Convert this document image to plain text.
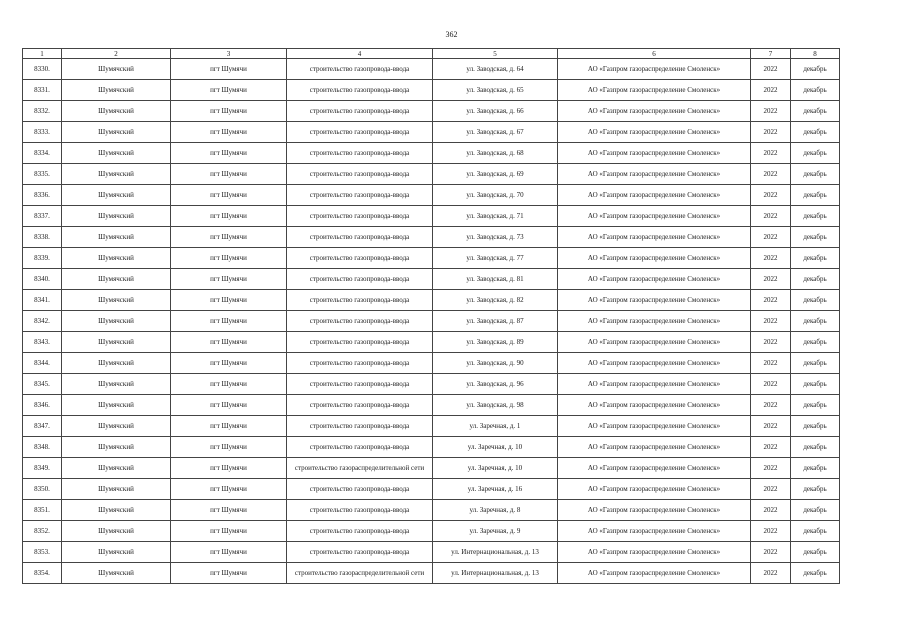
362
1	2	3	4	5	6	7	8
8330.	Шумячский	пгт Шумячи	строительство газопровода-ввода	ул. Заводская, д. 64	АО «Газпром газораспределение Смоленск»	2022	декабрь
8331.	Шумячский	пгт Шумячи	строительство газопровода-ввода	ул. Заводская, д. 65	АО «Газпром газораспределение Смоленск»	2022	декабрь
8332.	Шумячский	пгт Шумячи	строительство газопровода-ввода	ул. Заводская, д. 66	АО «Газпром газораспределение Смоленск»	2022	декабрь
8333.	Шумячский	пгт Шумячи	строительство газопровода-ввода	ул. Заводская, д. 67	АО «Газпром газораспределение Смоленск»	2022	декабрь
8334.	Шумячский	пгт Шумячи	строительство газопровода-ввода	ул. Заводская, д. 68	АО «Газпром газораспределение Смоленск»	2022	декабрь
8335.	Шумячский	пгт Шумячи	строительство газопровода-ввода	ул. Заводская, д. 69	АО «Газпром газораспределение Смоленск»	2022	декабрь
8336.	Шумячский	пгт Шумячи	строительство газопровода-ввода	ул. Заводская, д. 70	АО «Газпром газораспределение Смоленск»	2022	декабрь
8337.	Шумячский	пгт Шумячи	строительство газопровода-ввода	ул. Заводская, д. 71	АО «Газпром газораспределение Смоленск»	2022	декабрь
8338.	Шумячский	пгт Шумячи	строительство газопровода-ввода	ул. Заводская, д. 73	АО «Газпром газораспределение Смоленск»	2022	декабрь
8339.	Шумячский	пгт Шумячи	строительство газопровода-ввода	ул. Заводская, д. 77	АО «Газпром газораспределение Смоленск»	2022	декабрь
8340.	Шумячский	пгт Шумячи	строительство газопровода-ввода	ул. Заводская, д. 81	АО «Газпром газораспределение Смоленск»	2022	декабрь
8341.	Шумячский	пгт Шумячи	строительство газопровода-ввода	ул. Заводская, д. 82	АО «Газпром газораспределение Смоленск»	2022	декабрь
8342.	Шумячский	пгт Шумячи	строительство газопровода-ввода	ул. Заводская, д. 87	АО «Газпром газораспределение Смоленск»	2022	декабрь
8343.	Шумячский	пгт Шумячи	строительство газопровода-ввода	ул. Заводская, д. 89	АО «Газпром газораспределение Смоленск»	2022	декабрь
8344.	Шумячский	пгт Шумячи	строительство газопровода-ввода	ул. Заводская, д. 90	АО «Газпром газораспределение Смоленск»	2022	декабрь
8345.	Шумячский	пгт Шумячи	строительство газопровода-ввода	ул. Заводская, д. 96	АО «Газпром газораспределение Смоленск»	2022	декабрь
8346.	Шумячский	пгт Шумячи	строительство газопровода-ввода	ул. Заводская, д. 98	АО «Газпром газораспределение Смоленск»	2022	декабрь
8347.	Шумячский	пгт Шумячи	строительство газопровода-ввода	ул. Заречная, д. 1	АО «Газпром газораспределение Смоленск»	2022	декабрь
8348.	Шумячский	пгт Шумячи	строительство газопровода-ввода	ул. Заречная, д. 10	АО «Газпром газораспределение Смоленск»	2022	декабрь
8349.	Шумячский	пгт Шумячи	строительство газораспределительной сети	ул. Заречная, д. 10	АО «Газпром газораспределение Смоленск»	2022	декабрь
8350.	Шумячский	пгт Шумячи	строительство газопровода-ввода	ул. Заречная, д. 16	АО «Газпром газораспределение Смоленск»	2022	декабрь
8351.	Шумячский	пгт Шумячи	строительство газопровода-ввода	ул. Заречная, д. 8	АО «Газпром газораспределение Смоленск»	2022	декабрь
8352.	Шумячский	пгт Шумячи	строительство газопровода-ввода	ул. Заречная, д. 9	АО «Газпром газораспределение Смоленск»	2022	декабрь
8353.	Шумячский	пгт Шумячи	строительство газопровода-ввода	ул. Интернациональная, д. 13	АО «Газпром газораспределение Смоленск»	2022	декабрь
8354.	Шумячский	пгт Шумячи	строительство газораспределительной сети	ул. Интернациональная, д. 13	АО «Газпром газораспределение Смоленск»	2022	декабрь
